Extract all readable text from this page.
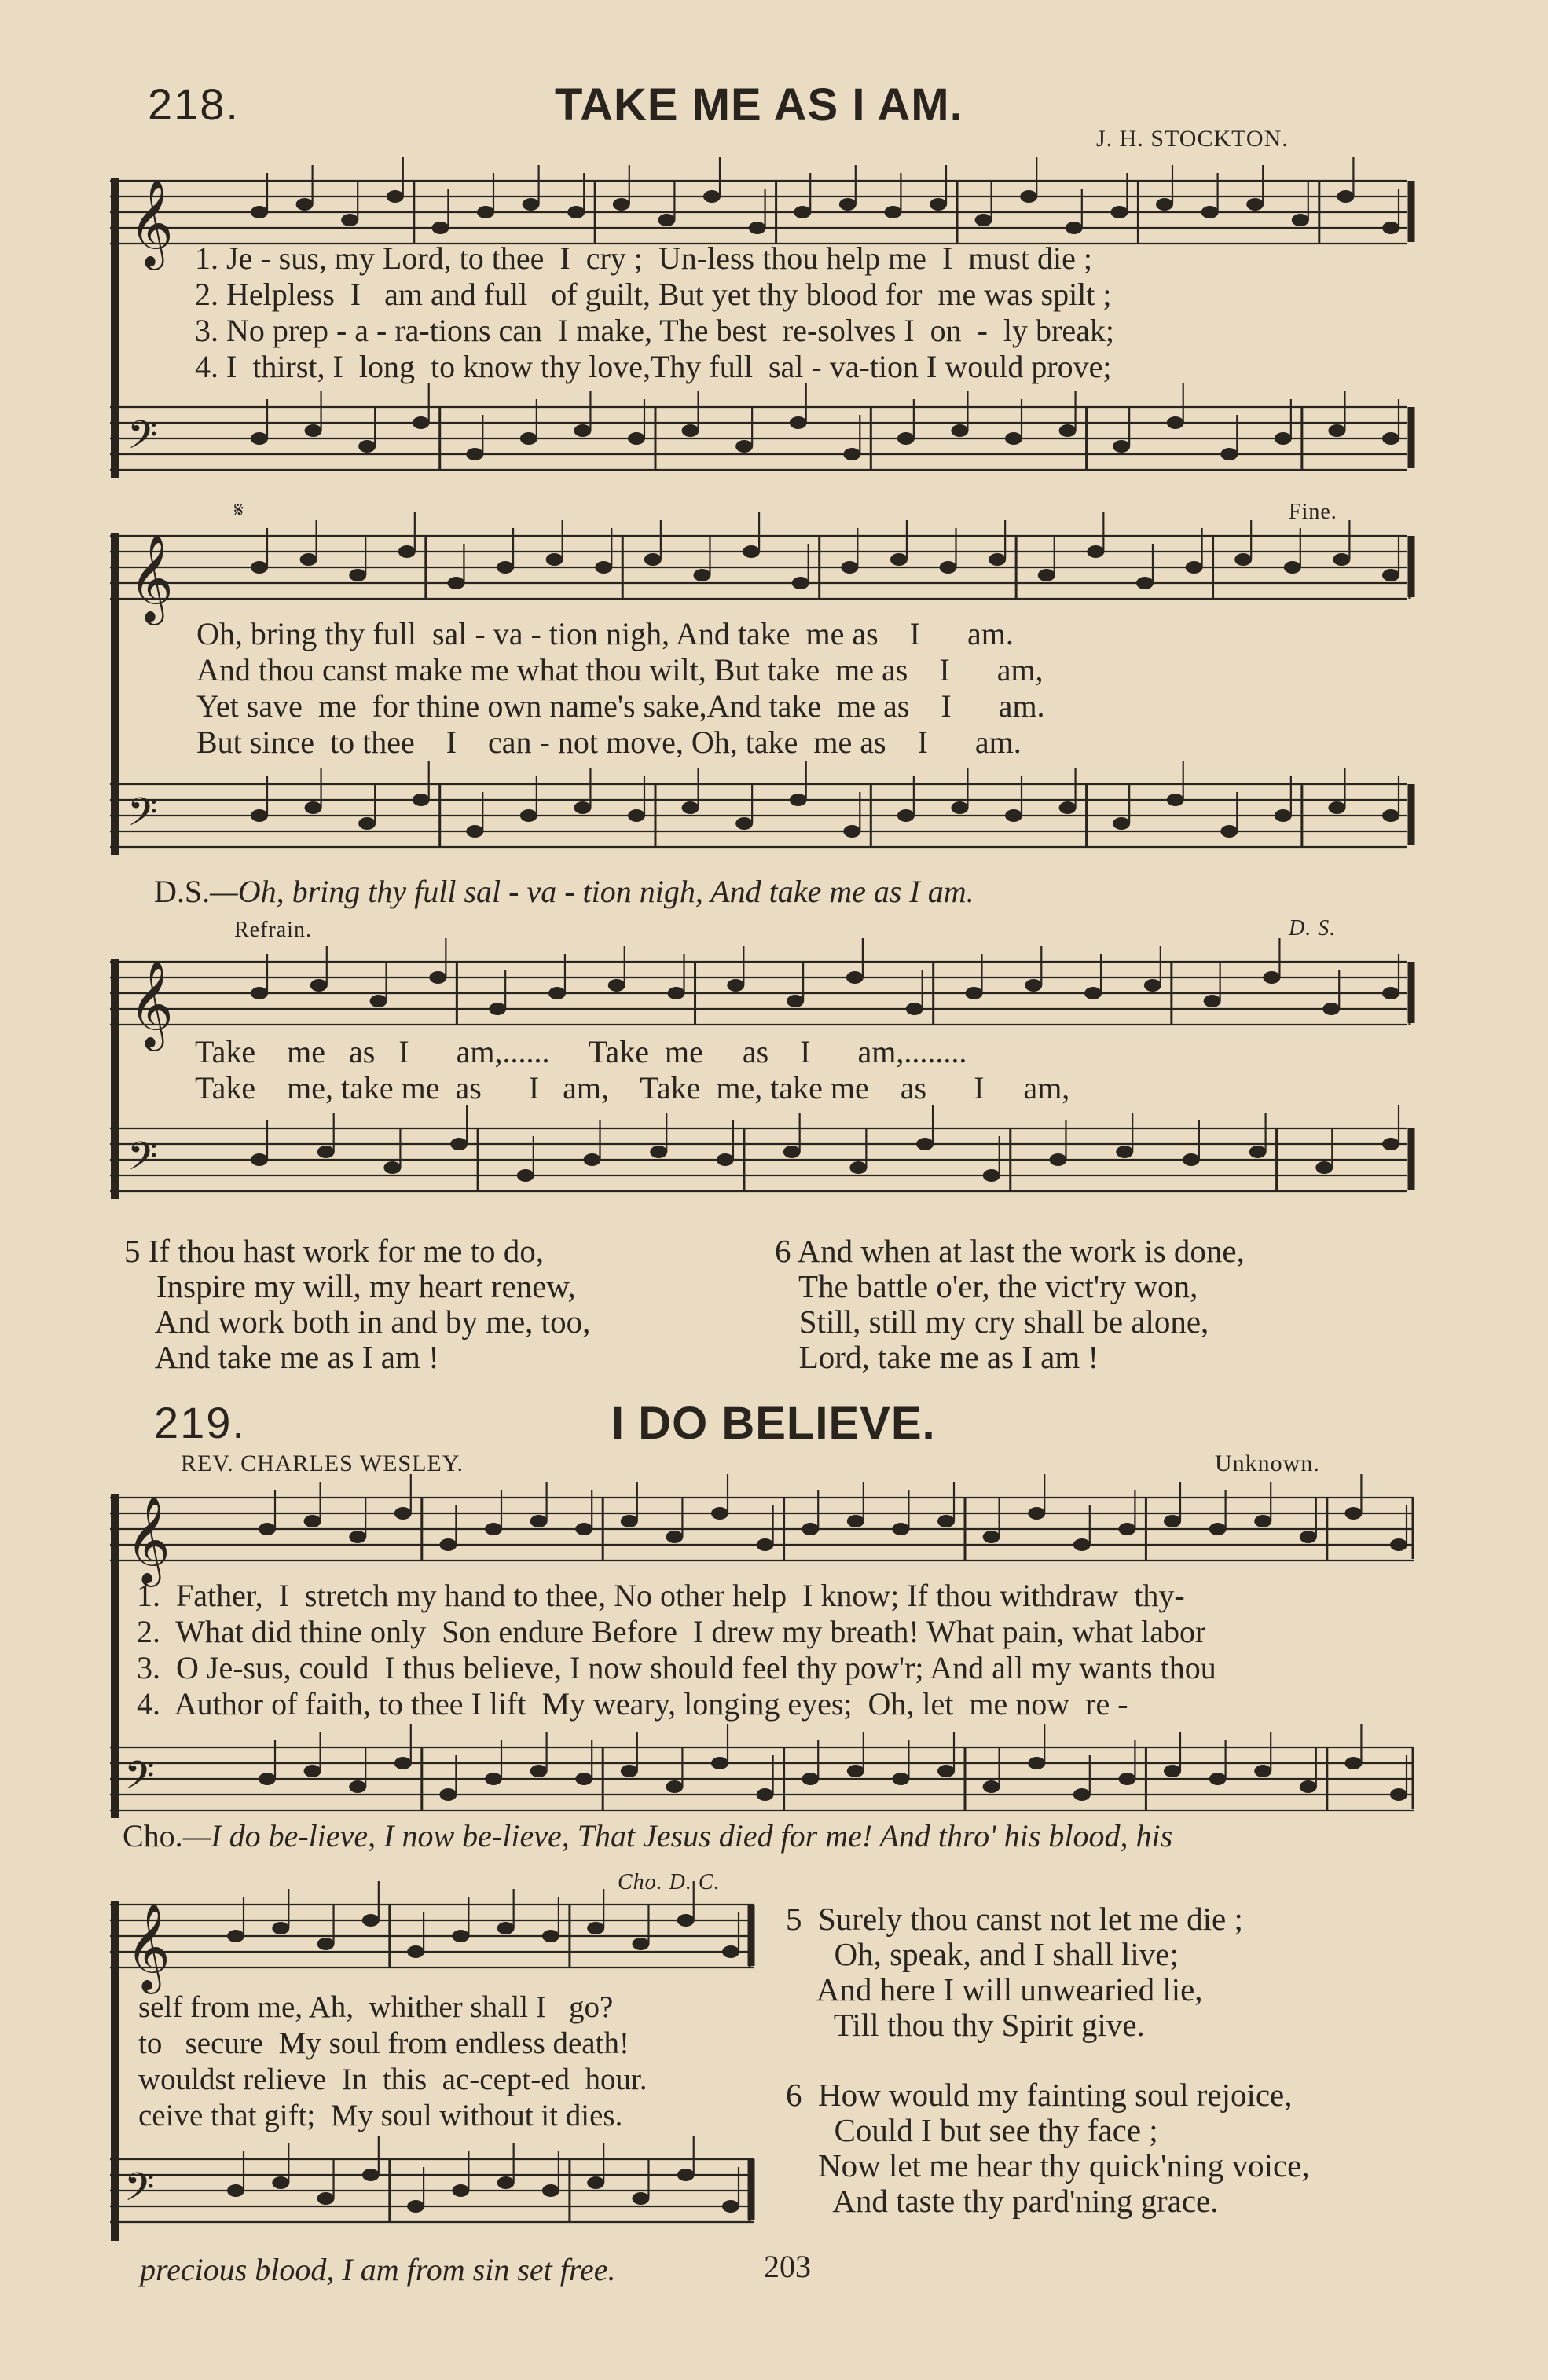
218.	TAKE ME AS I AM.
J. H. STOCKTON.
𝄞 1. Je - sus, my Lord, to thee  I  cry ;  Un-less thou help me  I  must die ;
2. Helpless  I   am and full   of guilt, But yet thy blood for  me was spilt ;
3. No prep - a - ra-tions can  I make, The best  re-solves I  on  -  ly break;
4. I  thirst, I  long  to know thy love,Thy full  sal - va-tion I would prove;
𝄢
𝄋	Fine.
𝄞
Oh, bring thy full  sal - va - tion nigh, And take  me as    I      am.
And thou canst make me what thou wilt, But take  me as    I      am,
Yet save  me  for thine own name's sake,And take  me as    I      am.
But since  to thee    I    can - not move, Oh, take  me as    I      am.
𝄢
D.S.—Oh, bring thy full sal - va - tion nigh, And take me as I am.
Refrain.	D. S.
𝄞
Take    me   as   I      am,......     Take  me     as    I      am,........
Take    me, take me  as      I   am,    Take  me, take me    as      I     am,
𝄢
5 If thou hast work for me to do,
Inspire my will, my heart renew,
And work both in and by me, too,
And take me as I am !
6 And when at last the work is done,
The battle o'er, the vict'ry won,
Still, still my cry shall be alone,
Lord, take me as I am !
219.	I DO BELIEVE.
REV. CHARLES WESLEY.	Unknown.
𝄞
1.  Father,  I  stretch my hand to thee, No other help  I know; If thou withdraw  thy-
2.  What did thine only  Son endure Before  I drew my breath! What pain, what labor
3.  O Je-sus, could  I thus believe, I now should feel thy pow'r; And all my wants thou
4.  Author of faith, to thee I lift  My weary, longing eyes;  Oh, let  me now  re -
𝄢
Cho.—I do be-lieve, I now be-lieve, That Jesus died for me! And thro' his blood, his
Cho. D. C.
𝄞
self from me, Ah,  whither shall I   go?
to   secure  My soul from endless death!
wouldst relieve  In  this  ac-cept-ed  hour.
ceive that gift;  My soul without it dies.
𝄢
precious blood, I am from sin set free.	203
5  Surely thou canst not let me die ;
Oh, speak, and I shall live;
And here I will unwearied lie,
Till thou thy Spirit give.
6  How would my fainting soul rejoice,
Could I but see thy face ;
Now let me hear thy quick'ning voice,
And taste thy pard'ning grace.
